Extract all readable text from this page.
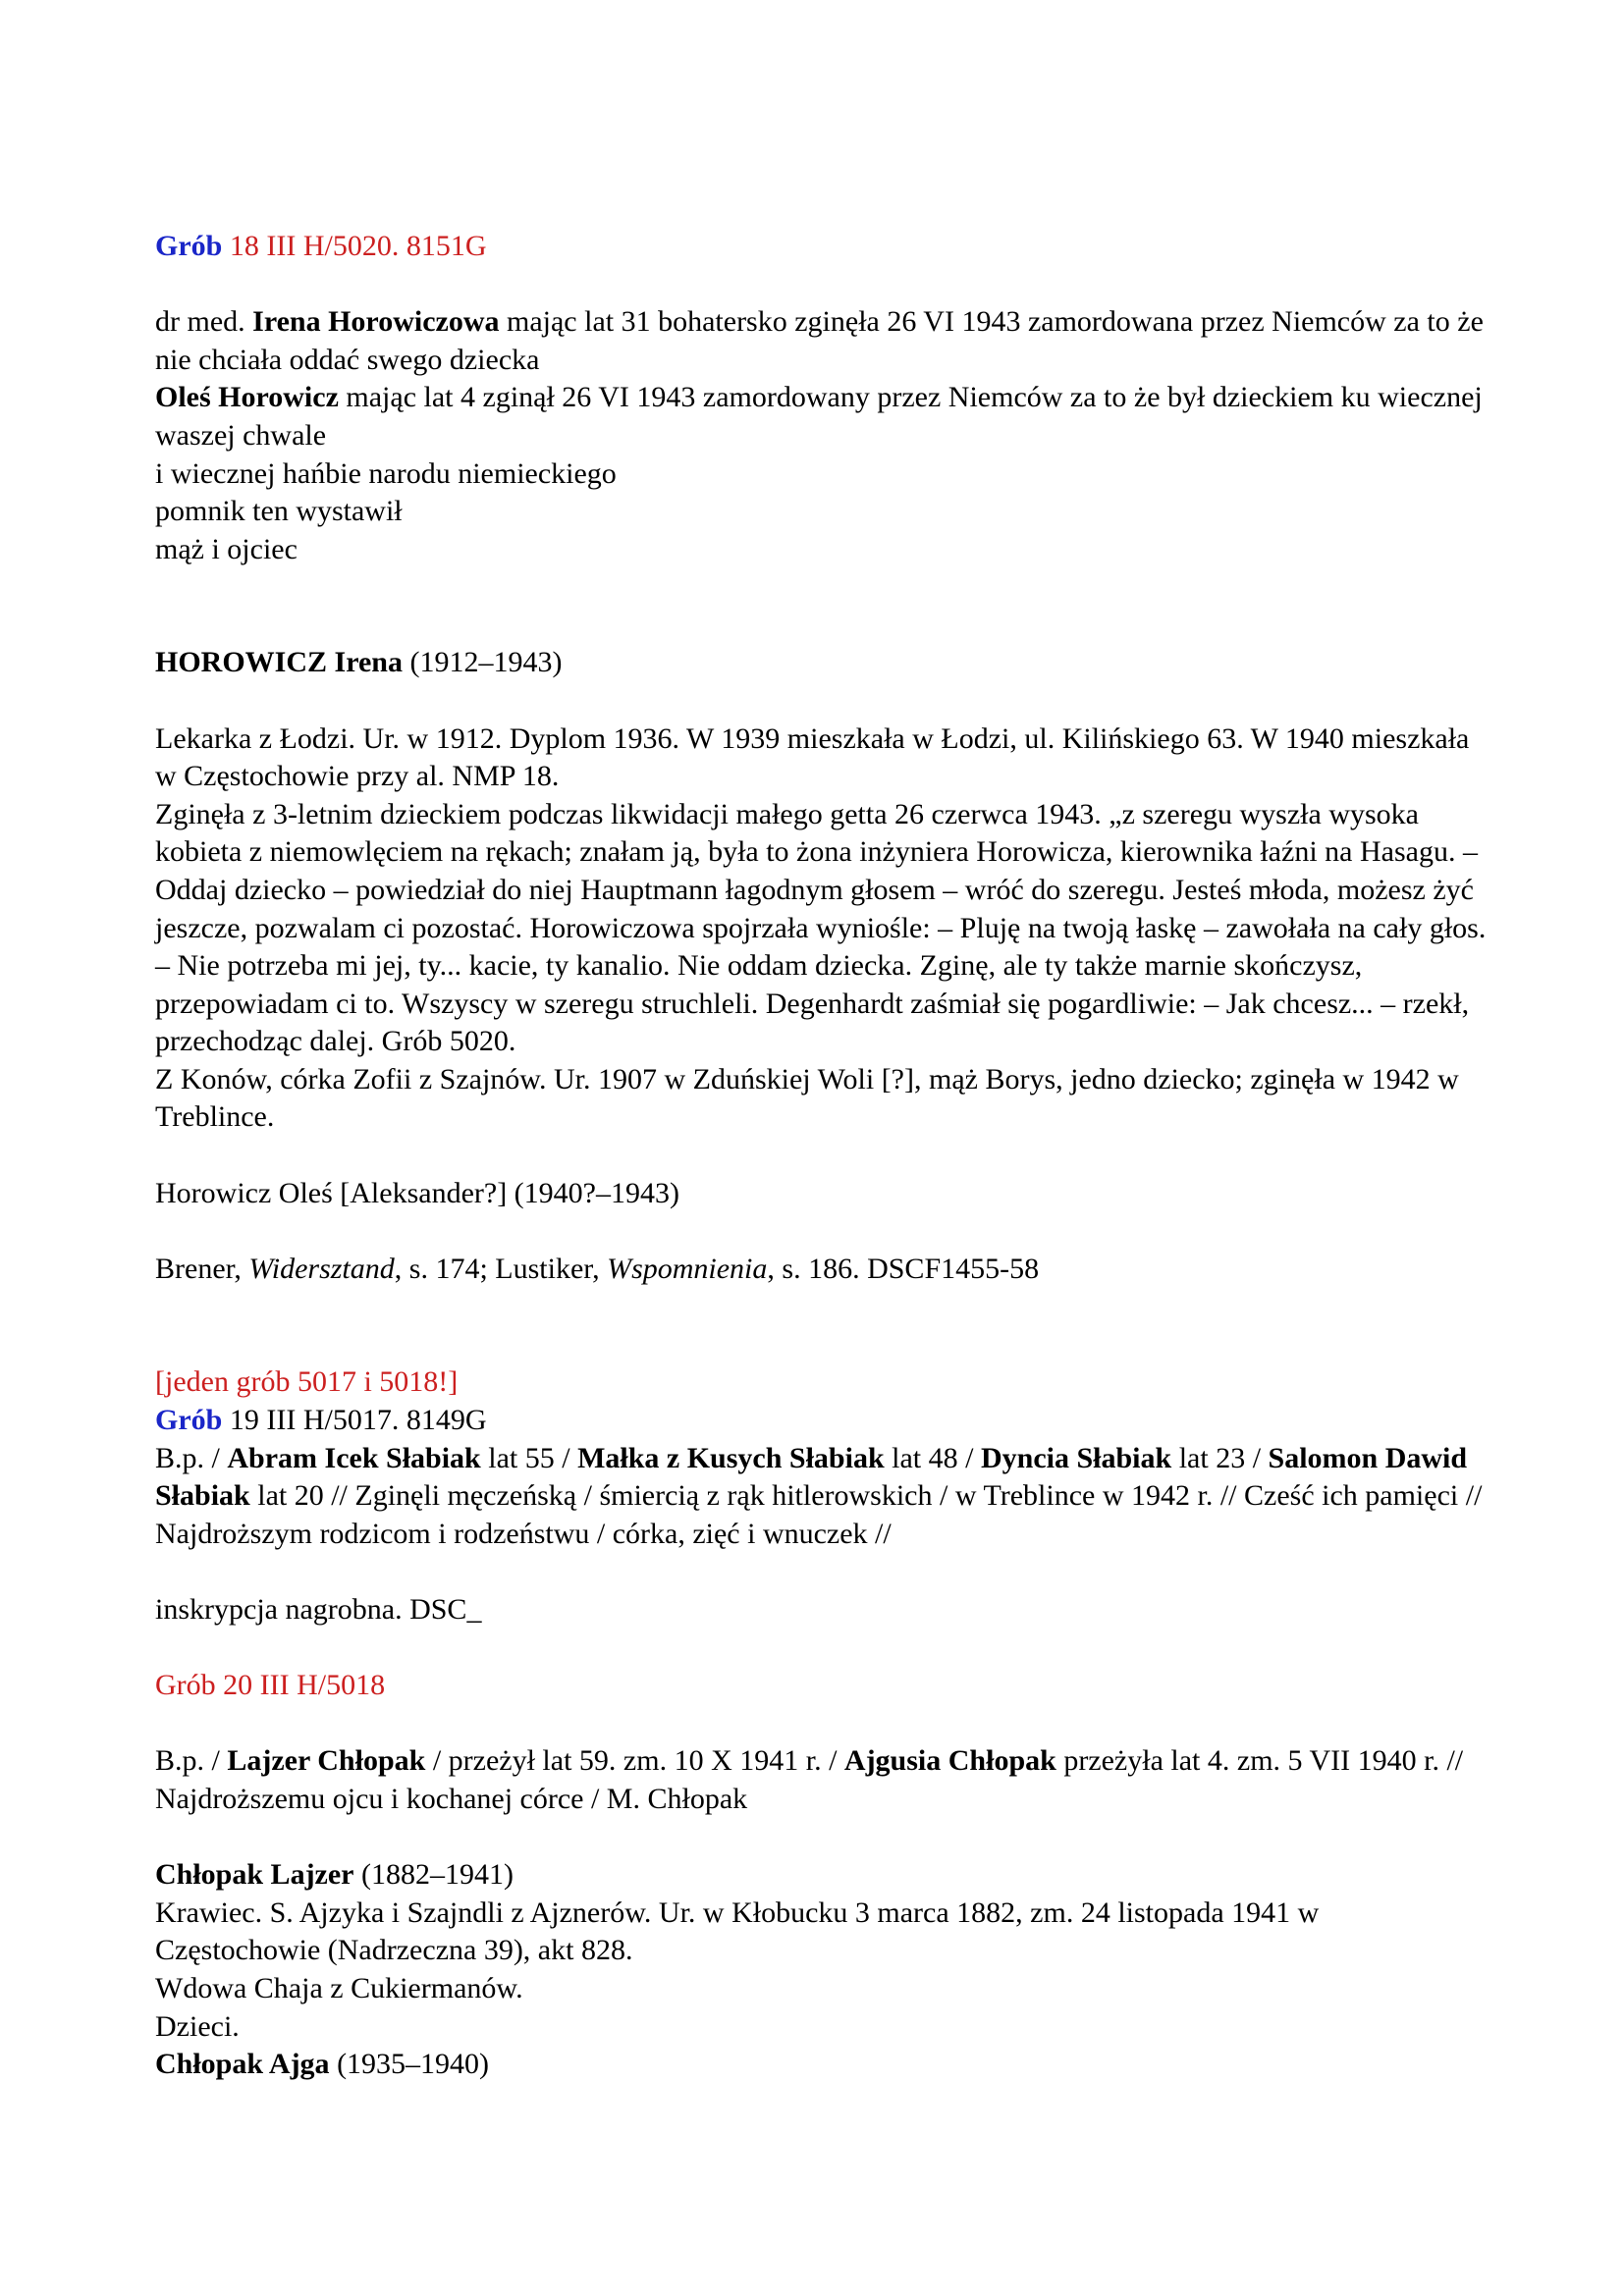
Grób 18 III H/5020. 8151G

dr med. Irena Horowiczowa mając lat 31 bohatersko zginęła 26 VI 1943 zamordowana przez Niemców za to że nie chciała oddać swego dziecka

Oleś Horowicz mając lat 4 zginął 26 VI 1943 zamordowany przez Niemców za to że był dzieckiem ku wiecznej waszej chwale

i wiecznej hańbie narodu niemieckiego

pomnik ten wystawił

mąż i ojciec

HOROWICZ Irena (1912–1943)

Lekarka z Łodzi. Ur. w 1912. Dyplom 1936. W 1939 mieszkała w Łodzi, ul. Kilińskiego 63. W 1940 mieszkała w Częstochowie przy al. NMP 18.

Zginęła z 3-letnim dzieckiem podczas likwidacji małego getta 26 czerwca 1943. „z szeregu wyszła wysoka kobieta z niemowlęciem na rękach; znałam ją, była to żona inżyniera Horowicza, kierownika łaźni na Hasagu. – Oddaj dziecko – powiedział do niej Hauptmann łagodnym głosem – wróć do szeregu. Jesteś młoda, możesz żyć jeszcze, pozwalam ci pozostać. Horowiczowa spojrzała wyniośle: – Pluję na twoją łaskę – zawołała na cały głos. – Nie potrzeba mi jej, ty... kacie, ty kanalio. Nie oddam dziecka. Zginę, ale ty także marnie skończysz, przepowiadam ci to. Wszyscy w szeregu struchleli. Degenhardt zaśmiał się pogardliwie: – Jak chcesz... – rzekł, przechodząc dalej. Grób 5020.

Z Konów, córka Zofii z Szajnów. Ur. 1907 w Zduńskiej Woli [?], mąż Borys, jedno dziecko; zginęła w 1942 w Treblince.

Horowicz Oleś [Aleksander?] (1940?–1943)

Brener, Widersztand, s. 174; Lustiker, Wspomnienia, s. 186. DSCF1455-58

[jeden grób 5017 i 5018!]

Grób 19 III H/5017. 8149G

B.p. / Abram Icek Słabiak lat 55 / Małka z Kusych Słabiak lat 48 / Dyncia Słabiak lat 23 / Salomon Dawid Słabiak lat 20 // Zginęli męczeńską / śmiercią z rąk hitlerowskich / w Treblince w 1942 r. // Cześć ich pamięci // Najdroższym rodzicom i rodzeństwu / córka, zięć i wnuczek //

inskrypcja nagrobna. DSC_

Grób 20 III H/5018

B.p. / Lajzer Chłopak / przeżył lat 59. zm. 10 X 1941 r. / Ajgusia Chłopak przeżyła lat 4. zm. 5 VII 1940 r. // Najdroższemu ojcu i kochanej córce / M. Chłopak

Chłopak Lajzer (1882–1941)

Krawiec. S. Ajzyka i Szajndli z Ajznerów. Ur. w Kłobucku 3 marca 1882, zm. 24 listopada 1941 w Częstochowie (Nadrzeczna 39), akt 828.

Wdowa Chaja z Cukiermanów.

Dzieci.

Chłopak Ajga (1935–1940)
